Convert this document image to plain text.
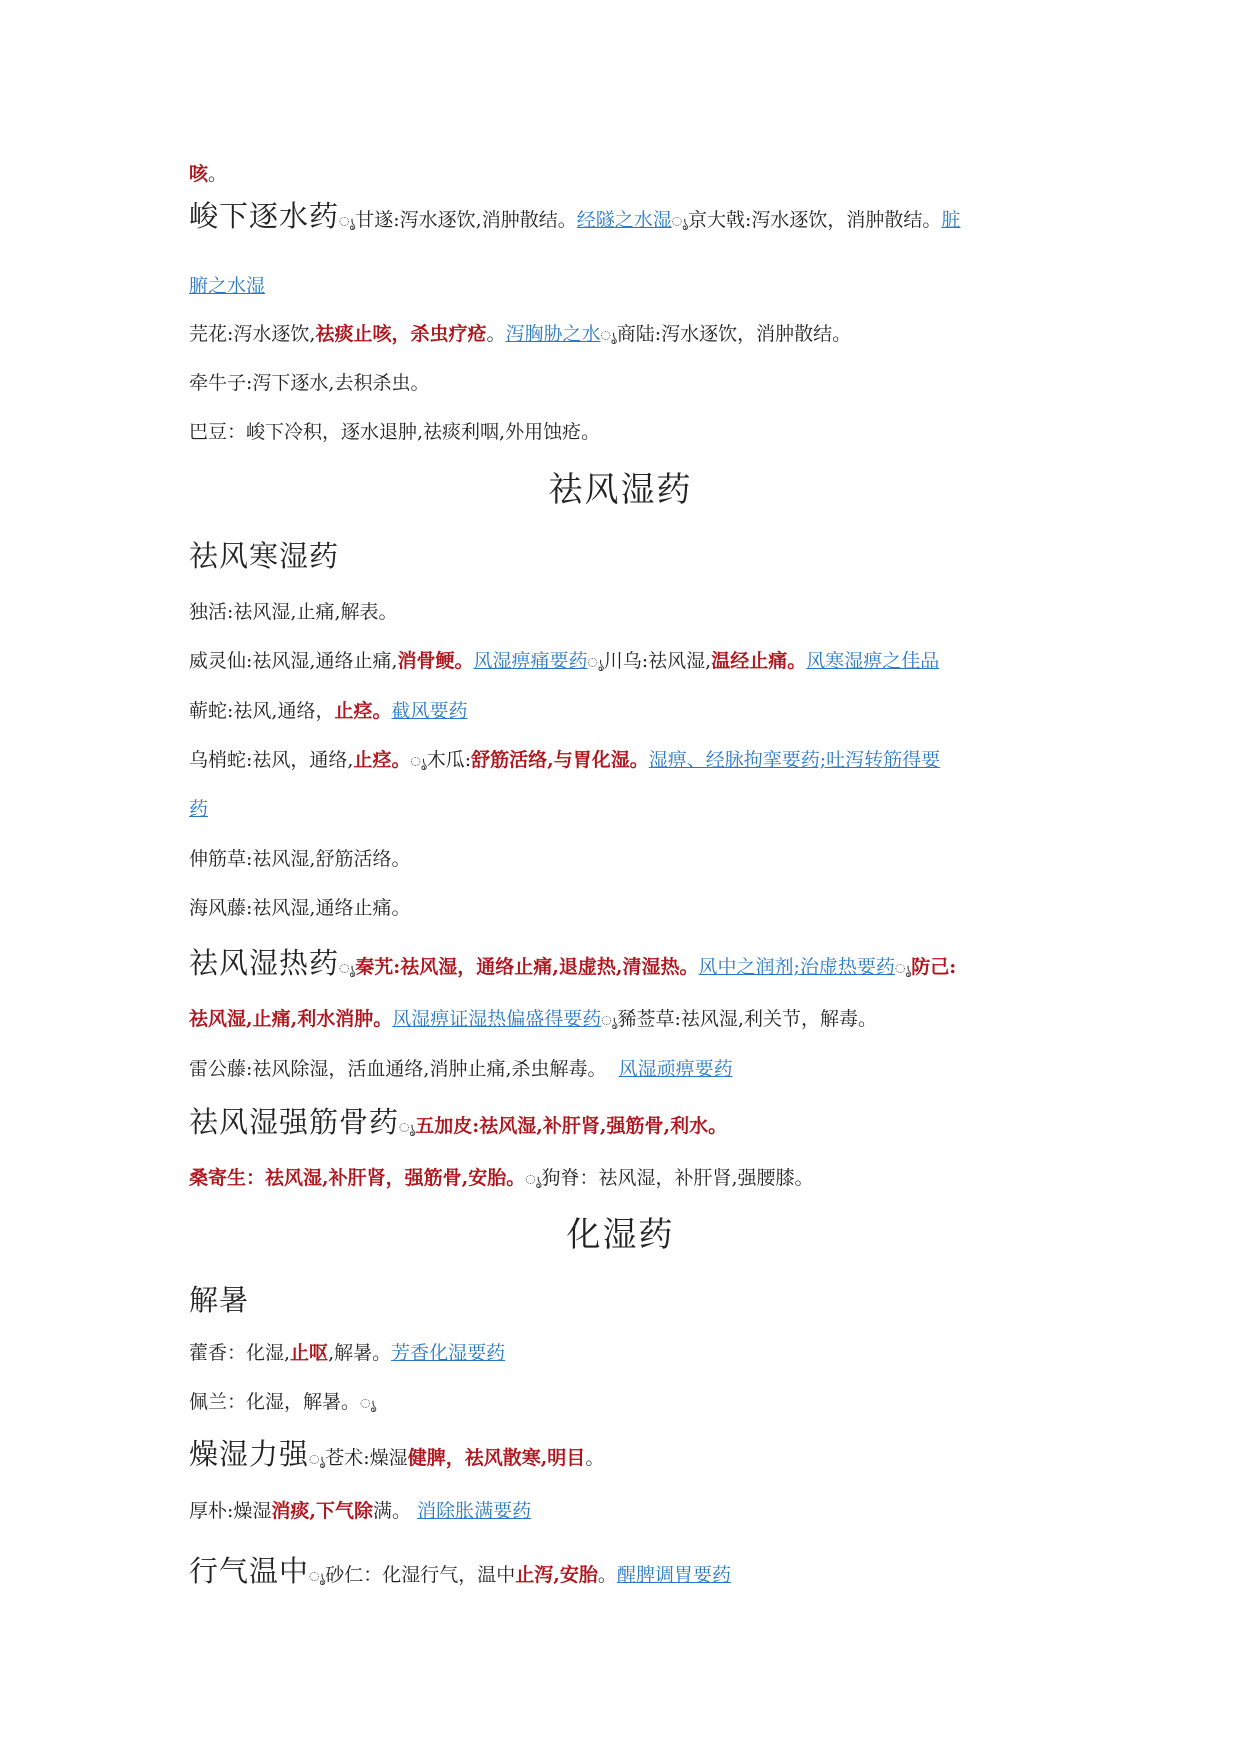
咳。
峻下逐水药ൃ甘遂:泻水逐饮,消肿散结。经隧之水湿ൃ京大戟:泻水逐饮，消肿散结。脏
腑之水湿
芫花:泻水逐饮,祛痰止咳，杀虫疗疮。泻胸胁之水ൃ商陆:泻水逐饮，消肿散结。
牵牛子:泻下逐水,去积杀虫。
巴豆：峻下冷积，逐水退肿,祛痰利咽,外用蚀疮。
祛风湿药
祛风寒湿药
独活:祛风湿,止痛,解表。
威灵仙:祛风湿,通络止痛,消骨鲠。风湿痹痛要药ൃ川乌:祛风湿,温经止痛。风寒湿痹之佳品
蕲蛇:祛风,通络，止痉。截风要药
乌梢蛇:祛风，通络,止痉。ൃ木瓜:舒筋活络,与胃化湿。湿痹、经脉拘挛要药;吐泻转筋得要
药
伸筋草:祛风湿,舒筋活络。
海风藤:祛风湿,通络止痛。
祛风湿热药ൃ秦艽:祛风湿，通络止痛,退虚热,清湿热。风中之润剂;治虚热要药ൃ防己:
祛风湿,止痛,利水消肿。风湿痹证湿热偏盛得要药ൃ豨莶草:祛风湿,利关节，解毒。
雷公藤:祛风除湿，活血通络,消肿止痛,杀虫解毒。 风湿顽痹要药
祛风湿强筋骨药ൃ五加皮:祛风湿,补肝肾,强筋骨,利水。
桑寄生：祛风湿,补肝肾，强筋骨,安胎。ൃ狗脊：祛风湿，补肝肾,强腰膝。
化湿药
解暑
藿香：化湿,止呕,解暑。芳香化湿要药
佩兰：化湿，解暑。ൃ
燥湿力强ൃ苍术:燥湿健脾，祛风散寒,明目。
厚朴:燥湿消痰,下气除满。 消除胀满要药
行气温中ൃ砂仁：化湿行气，温中止泻,安胎。醒脾调胃要药
